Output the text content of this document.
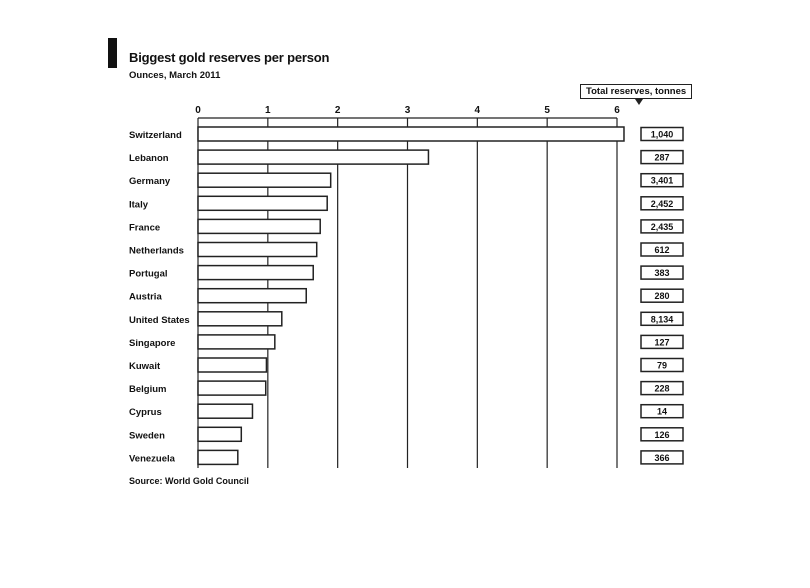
Biggest gold reserves per person
Ounces, March 2011
Total reserves, tonnes
0	1	2	3	4	5	6
Switzerland	1,040
Lebanon	287
Germany	3,401
Italy	2,452
France	2,435
Netherlands	612
Portugal	383
Austria	280
United States	8,134
Singapore	127
Kuwait	79
Belgium	228
Cyprus	14
Sweden	126
Venezuela	366
Source: World Gold Council
